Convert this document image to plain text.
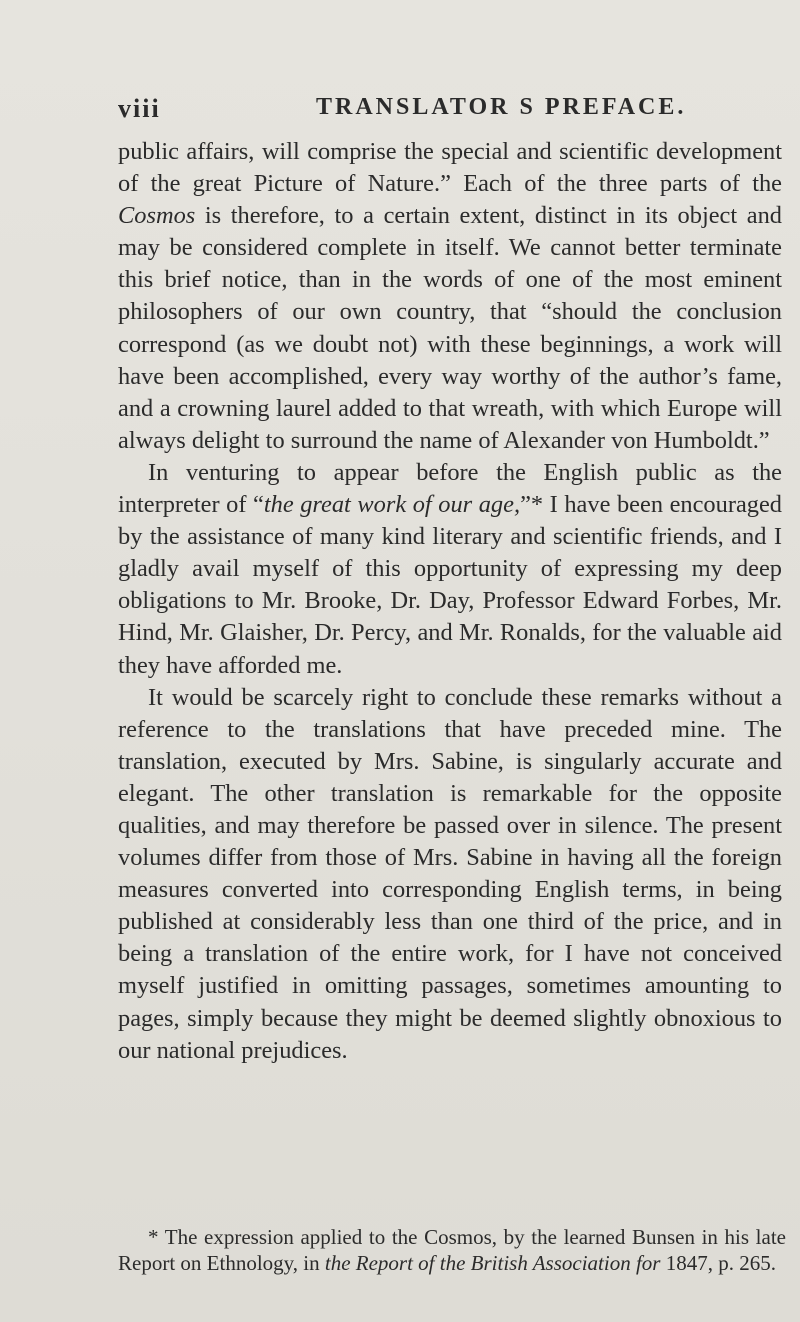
viii	TRANSLATOR S PREFACE.

public affairs, will comprise the special and scientific development of the great Picture of Nature.” Each of the three parts of the Cosmos is therefore, to a certain extent, distinct in its object and may be considered complete in itself. We cannot better terminate this brief notice, than in the words of one of the most eminent philosophers of our own country, that “should the conclusion correspond (as we doubt not) with these beginnings, a work will have been accomplished, every way worthy of the author’s fame, and a crowning laurel added to that wreath, with which Europe will always delight to surround the name of Alexander von Humboldt.”

In venturing to appear before the English public as the interpreter of “the great work of our age,”* I have been encouraged by the assistance of many kind literary and scientific friends, and I gladly avail myself of this opportunity of expressing my deep obligations to Mr. Brooke, Dr. Day, Professor Edward Forbes, Mr. Hind, Mr. Glaisher, Dr. Percy, and Mr. Ronalds, for the valuable aid they have afforded me.

It would be scarcely right to conclude these remarks without a reference to the translations that have preceded mine. The translation, executed by Mrs. Sabine, is singularly accurate and elegant. The other translation is remarkable for the opposite qualities, and may therefore be passed over in silence. The present volumes differ from those of Mrs. Sabine in having all the foreign measures converted into corresponding English terms, in being published at considerably less than one third of the price, and in being a translation of the entire work, for I have not conceived myself justified in omitting passages, sometimes amounting to pages, simply because they might be deemed slightly obnoxious to our national prejudices.

* The expression applied to the Cosmos, by the learned Bunsen in his late Report on Ethnology, in the Report of the British Association for 1847, p. 265.
